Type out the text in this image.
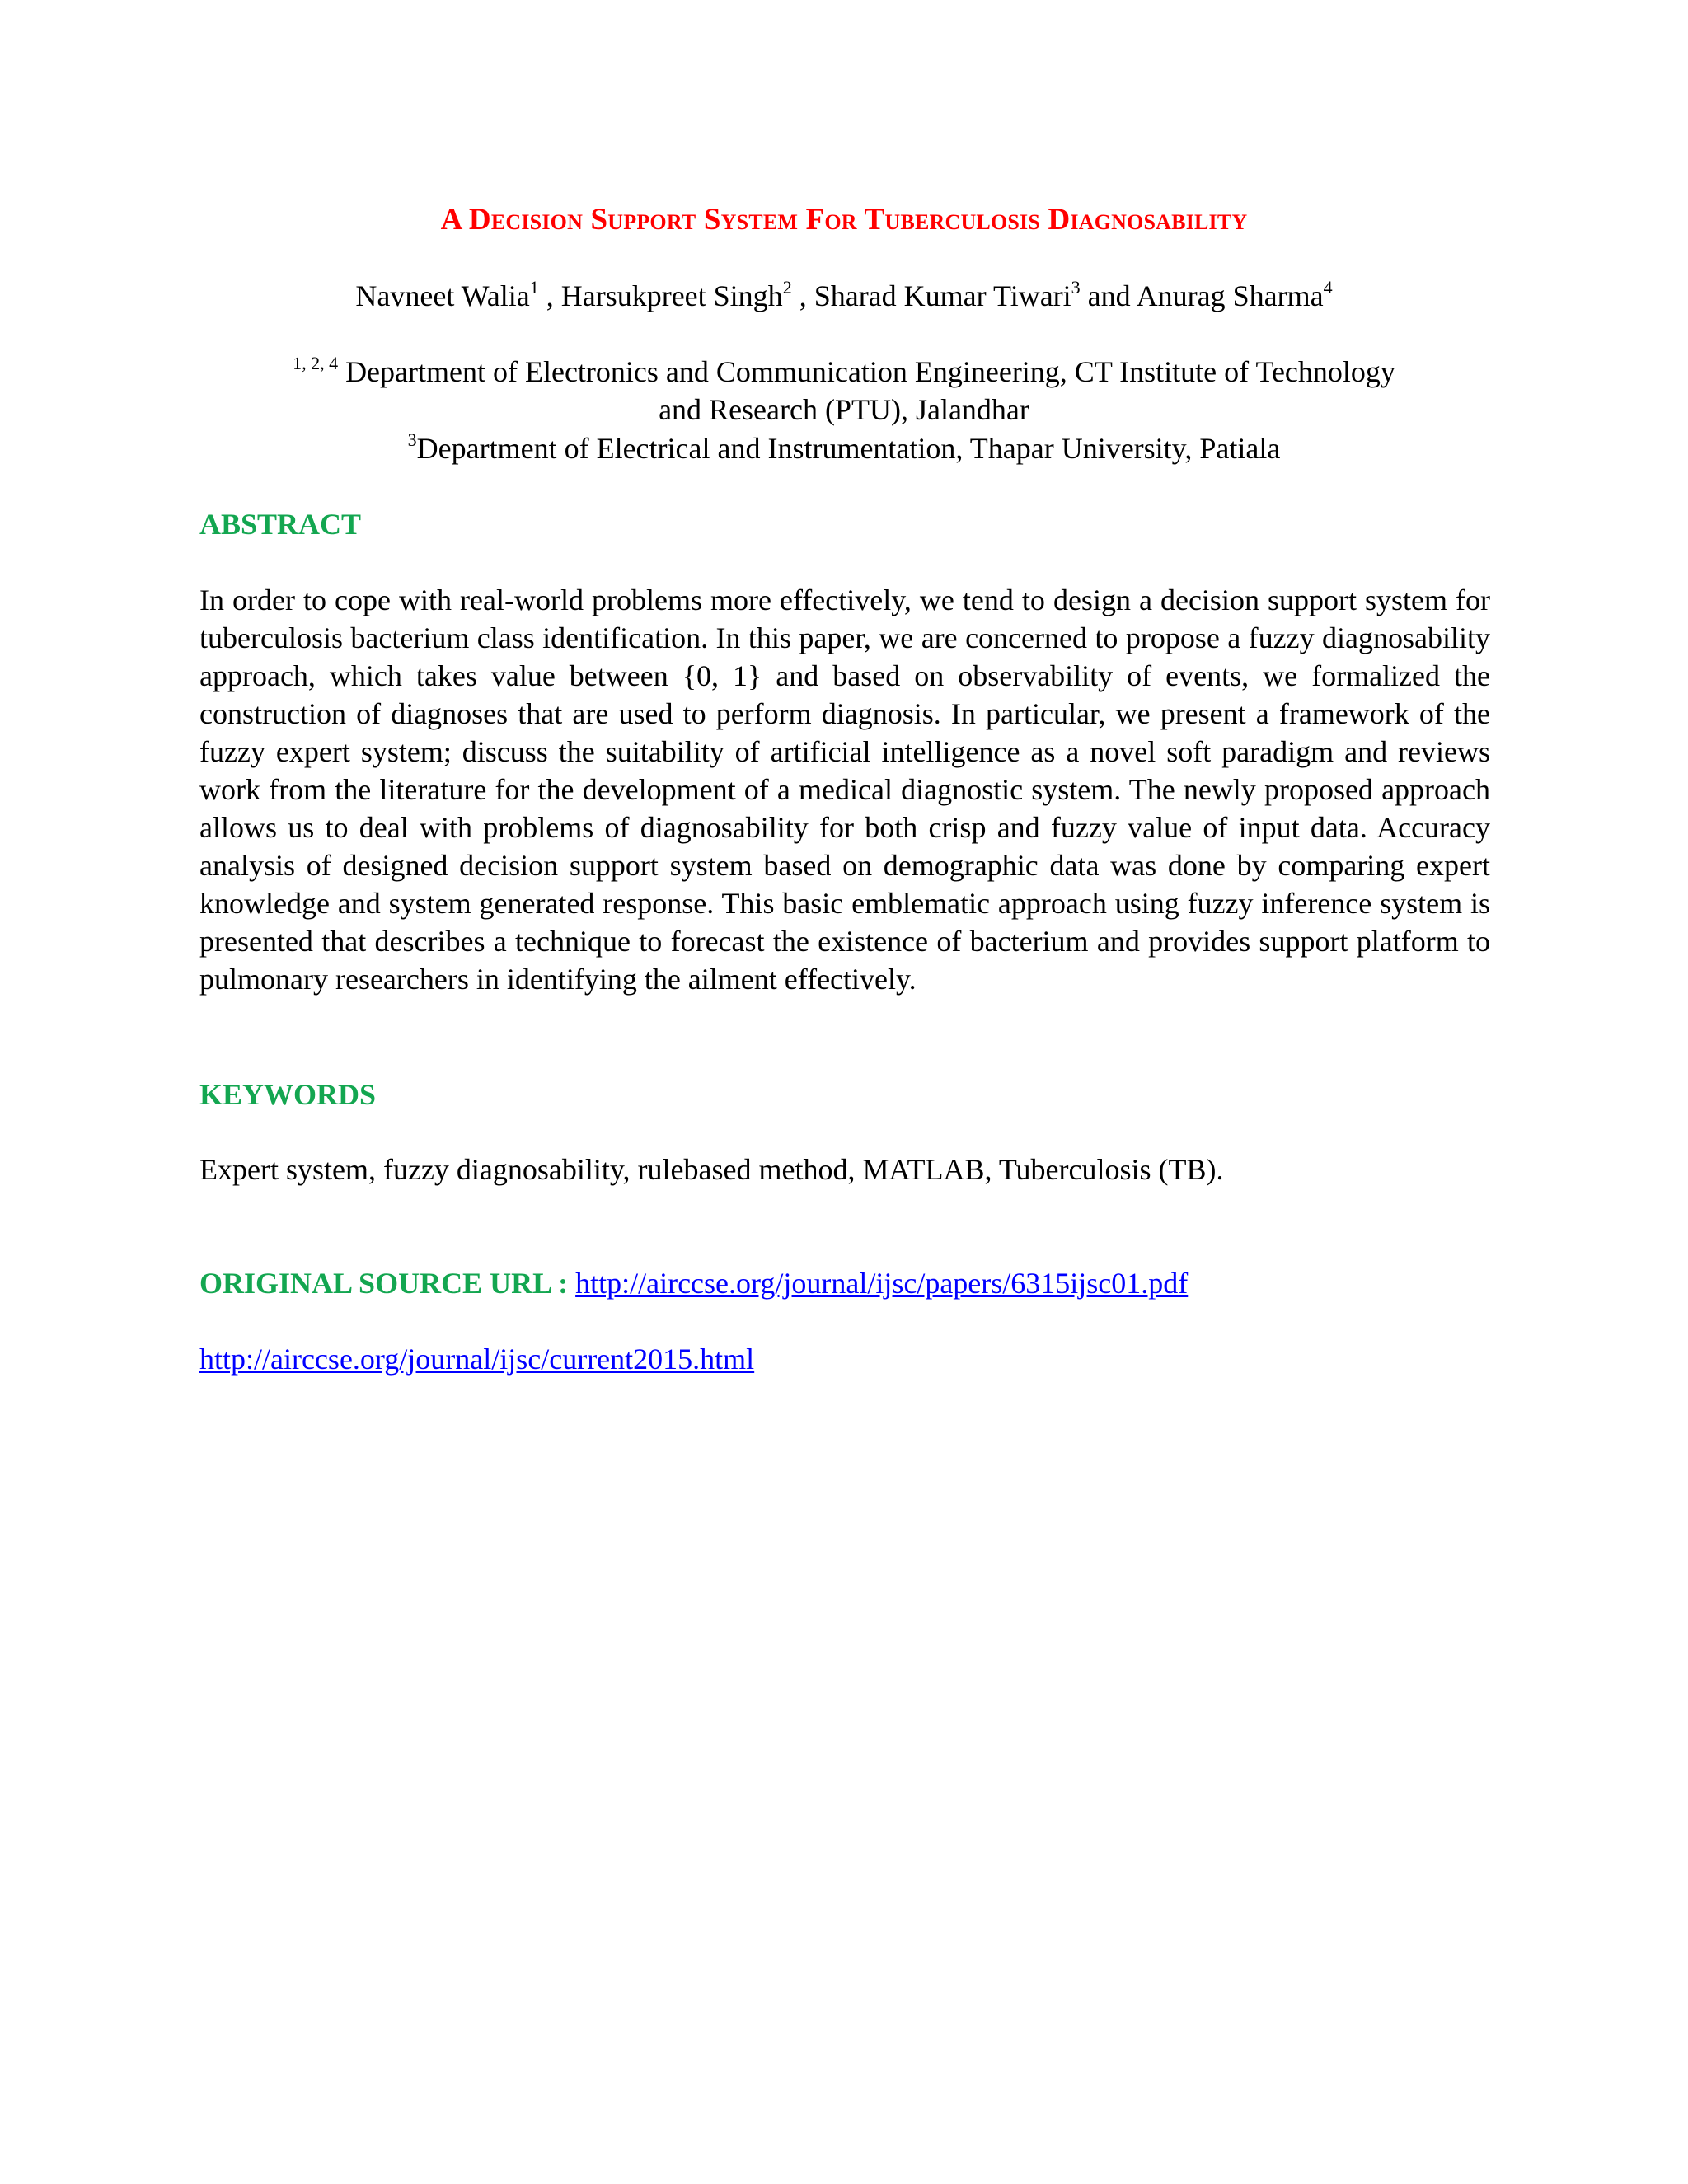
A Decision Support System For Tuberculosis Diagnosability
Navneet Walia$^1$ , Harsukpreet Singh$^2$ , Sharad Kumar Tiwari$^3$ and Anurag Sharma$^4$
$^{1, 2, 4}$ Department of Electronics and Communication Engineering, CT Institute of Technology
and Research (PTU), Jalandhar
$^3$Department of Electrical and Instrumentation, Thapar University, Patiala
ABSTRACT
In order to cope with real-world problems more effectively, we tend to design a decision support system for tuberculosis bacterium class identification. In this paper, we are concerned to propose a fuzzy diagnosability approach, which takes value between {0, 1} and based on observability of events, we formalized the construction of diagnoses that are used to perform diagnosis. In particular, we present a framework of the fuzzy expert system; discuss the suitability of artificial intelligence as a novel soft paradigm and reviews work from the literature for the development of a medical diagnostic system. The newly proposed approach allows us to deal with problems of diagnosability for both crisp and fuzzy value of input data. Accuracy analysis of designed decision support system based on demographic data was done by comparing expert knowledge and system generated response. This basic emblematic approach using fuzzy inference system is presented that describes a technique to forecast the existence of bacterium and provides support platform to pulmonary researchers in identifying the ailment effectively.
KEYWORDS
Expert system, fuzzy diagnosability, rulebased method, MATLAB, Tuberculosis (TB).
ORIGINAL SOURCE URL : http://airccse.org/journal/ijsc/papers/6315ijsc01.pdf
http://airccse.org/journal/ijsc/current2015.html
